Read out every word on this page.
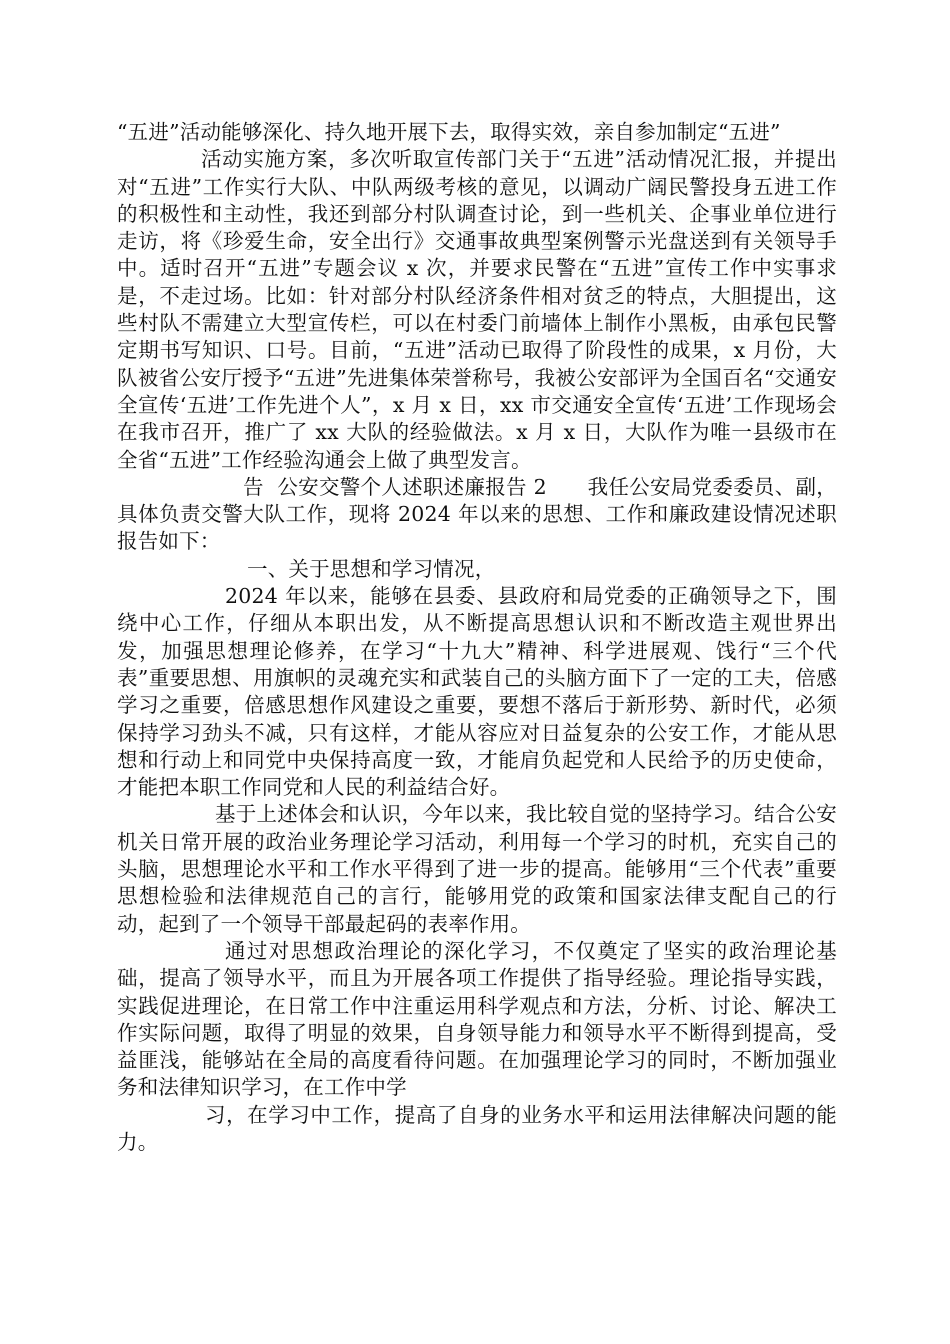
“五进”活动能够深化、持久地开展下去，取得实效，亲自参加制定“五进”

活动实施方案，多次听取宣传部门关于“五进”活动情况汇报，并提出对“五进”工作实行大队、中队两级考核的意见，以调动广阔民警投身五进工作的积极性和主动性，我还到部分村队调查讨论，到一些机关、企事业单位进行走访，将《珍爱生命，安全出行》交通事故典型案例警示光盘送到有关领导手中。适时召开“五进”专题会议 x 次，并要求民警在“五进”宣传工作中实事求是，不走过场。比如：针对部分村队经济条件相对贫乏的特点，大胆提出，这些村队不需建立大型宣传栏，可以在村委门前墙体上制作小黑板，由承包民警定期书写知识、口号。目前，“五进”活动已取得了阶段性的成果，x 月份，大队被省公安厅授予“五进”先进集体荣誉称号，我被公安部评为全国百名“交通安全宣传‘五进’工作先进个人”，x 月 x 日，xx 市交通安全宣传‘五进’工作现场会在我市召开，推广了 xx 大队的经验做法。x 月 x 日，大队作为唯一县级市在全省“五进”工作经验沟通会上做了典型发言。

告  公安交警个人述职述廉报告 2      我任公安局党委委员、副，具体负责交警大队工作，现将 2024 年以来的思想、工作和廉政建设情况述职报告如下：

一、关于思想和学习情况，

2024 年以来，能够在县委、县政府和局党委的正确领导之下，围绕中心工作，仔细从本职出发，从不断提高思想认识和不断改造主观世界出发，加强思想理论修养，在学习“十九大”精神、科学进展观、饯行“三个代表”重要思想、用旗帜的灵魂充实和武装自己的头脑方面下了一定的工夫，倍感学习之重要，倍感思想作风建设之重要，要想不落后于新形势、新时代，必须保持学习劲头不减，只有这样，才能从容应对日益复杂的公安工作，才能从思想和行动上和同党中央保持高度一致，才能肩负起党和人民给予的历史使命，才能把本职工作同党和人民的利益结合好。

基于上述体会和认识，今年以来，我比较自觉的坚持学习。结合公安机关日常开展的政治业务理论学习活动，利用每一个学习的时机，充实自己的头脑，思想理论水平和工作水平得到了进一步的提高。能够用“三个代表”重要思想检验和法律规范自己的言行，能够用党的政策和国家法律支配自己的行动，起到了一个领导干部最起码的表率作用。

通过对思想政治理论的深化学习，不仅奠定了坚实的政治理论基础，提高了领导水平，而且为开展各项工作提供了指导经验。理论指导实践，实践促进理论，在日常工作中注重运用科学观点和方法，分析、讨论、解决工作实际问题，取得了明显的效果，自身领导能力和领导水平不断得到提高，受益匪浅，能够站在全局的高度看待问题。在加强理论学习的同时，不断加强业务和法律知识学习，在工作中学

习，在学习中工作，提高了自身的业务水平和运用法律解决问题的能力。
